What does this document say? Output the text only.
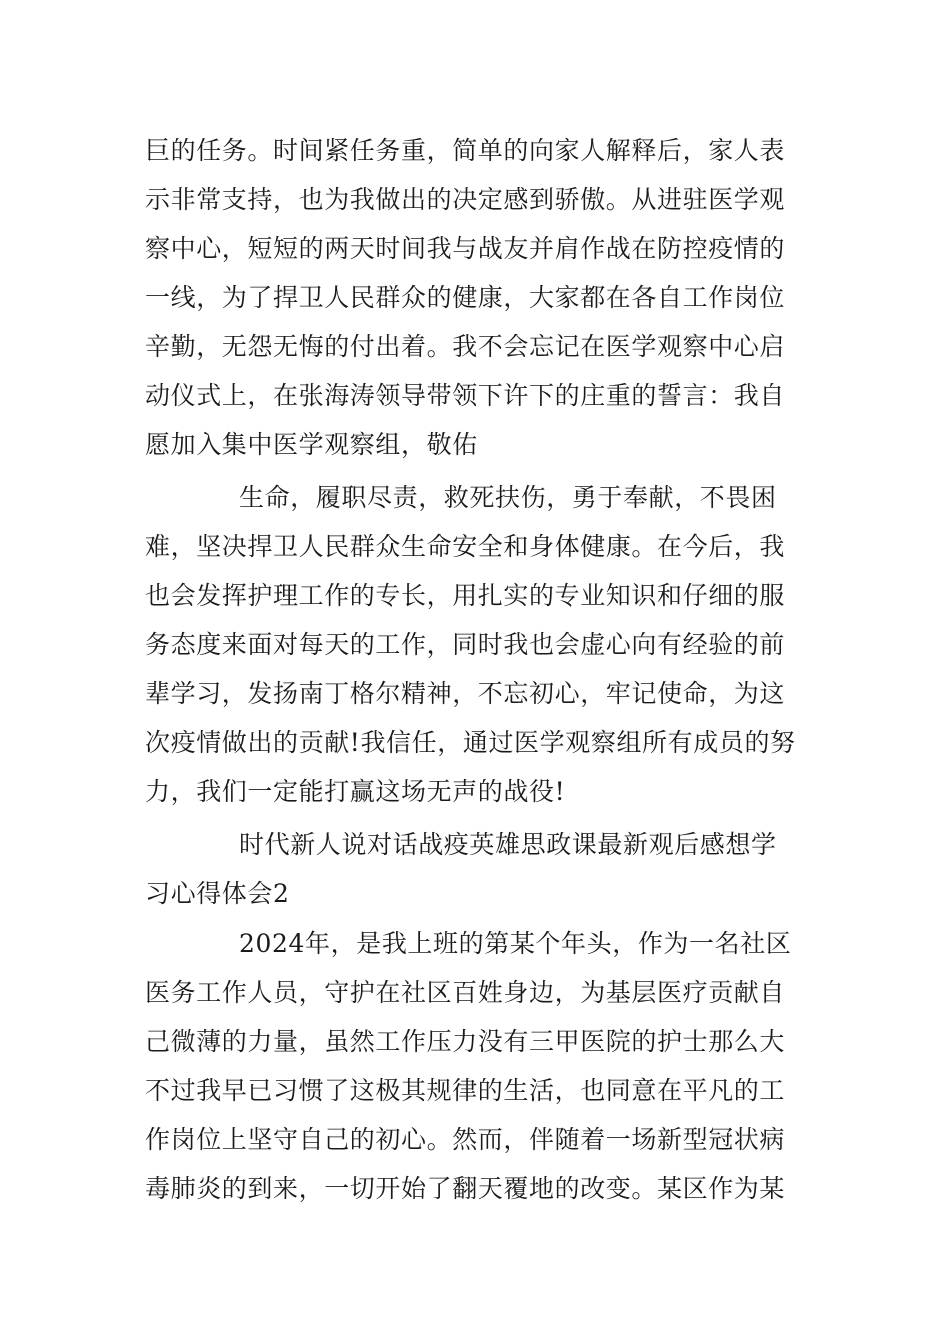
巨的任务。时间紧任务重，简单的向家人解释后，家人表
示非常支持，也为我做出的决定感到骄傲。从进驻医学观
察中心，短短的两天时间我与战友并肩作战在防控疫情的
一线，为了捍卫人民群众的健康，大家都在各自工作岗位
辛勤，无怨无悔的付出着。我不会忘记在医学观察中心启
动仪式上，在张海涛领导带领下许下的庄重的誓言：我自
愿加入集中医学观察组，敬佑
生命，履职尽责，救死扶伤，勇于奉献，不畏困
难，坚决捍卫人民群众生命安全和身体健康。在今后，我
也会发挥护理工作的专长，用扎实的专业知识和仔细的服
务态度来面对每天的工作，同时我也会虚心向有经验的前
辈学习，发扬南丁格尔精神，不忘初心，牢记使命，为这
次疫情做出的贡献!我信任，通过医学观察组所有成员的努
力，我们一定能打赢这场无声的战役!
时代新人说对话战疫英雄思政课最新观后感想学
习心得体会2
2024年，是我上班的第某个年头，作为一名社区
医务工作人员，守护在社区百姓身边，为基层医疗贡献自
己微薄的力量，虽然工作压力没有三甲医院的护士那么大
不过我早已习惯了这极其规律的生活，也同意在平凡的工
作岗位上坚守自己的初心。然而，伴随着一场新型冠状病
毒肺炎的到来，一切开始了翻天覆地的改变。某区作为某
